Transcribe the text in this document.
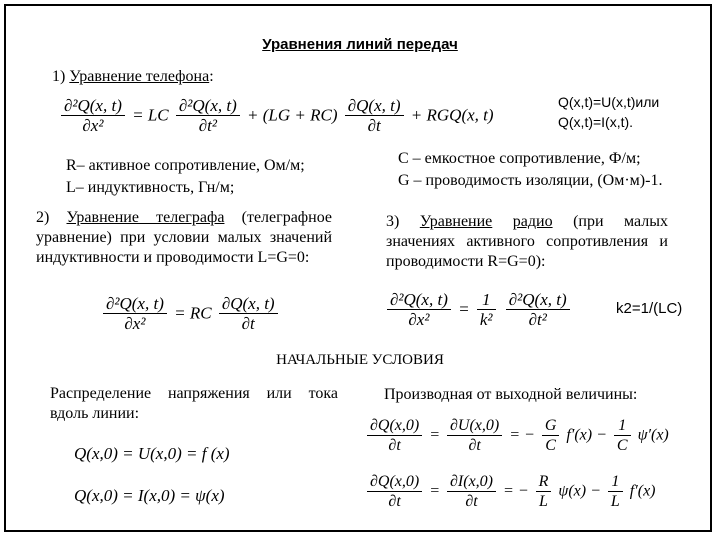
Уравнения линий передач
1) Уравнение телефона:
$\frac{\text{∂²Q(x, t)}}{\text{∂x²}}$ = LC $\frac{\text{∂²Q(x, t)}}{\text{∂t²}} + (LG + RC) \frac{\partial Q(x, t)}{\partial t} + RGQ(x$, t)
Q(x,t)=U(x,t)или
Q(x,t)=I(x,t).
R– активное сопротивление, Ом/м;
L– индуктивность, Гн/м;
С – емкостное сопротивление, Ф/м;
G – проводимость изоляции, (Ом·м)-1.
2) Уравнение телеграфа (телеграфное уравнение) при условии малых значений индуктивности и проводимости L=G=0:
$\frac{\text{∂²Q(x, t)}}{\text{∂x²}}$ = RC $\frac{\partial Q(x, t)}{\partial t}$
3) Уравнение радио (при малых значениях активного сопротивления и проводимости R=G=0):
$\frac{\text{∂²Q(x, t)}}{\text{∂x²}} = \frac{1}{\text{k²}}$
$\frac{\text{∂²Q(x, t)}}{\text{∂t²}}$	k2=1/(LC)
НАЧАЛЬНЫЕ УСЛОВИЯ
Распределение напряжения или тока вдоль линии:
Q(x,0) = U(x,0) = f (x)
Q(x,0) = I(x,0) = ψ(x)
Производная от выходной величины:
$\frac{\partial Q(x,0)}{\partial t} = \frac{\partial U(x,0)}{\partial t}$ = − $\frac{G}{C} f'(x) - \frac{1}{C} \psi'(x)$
$\frac{\partial Q(x,0)}{\partial t} = \frac{\partial I(x,0)}{\partial t}$ = − $\frac{R}{L} \psi(x) - \frac{1}{L} f'(x)$
